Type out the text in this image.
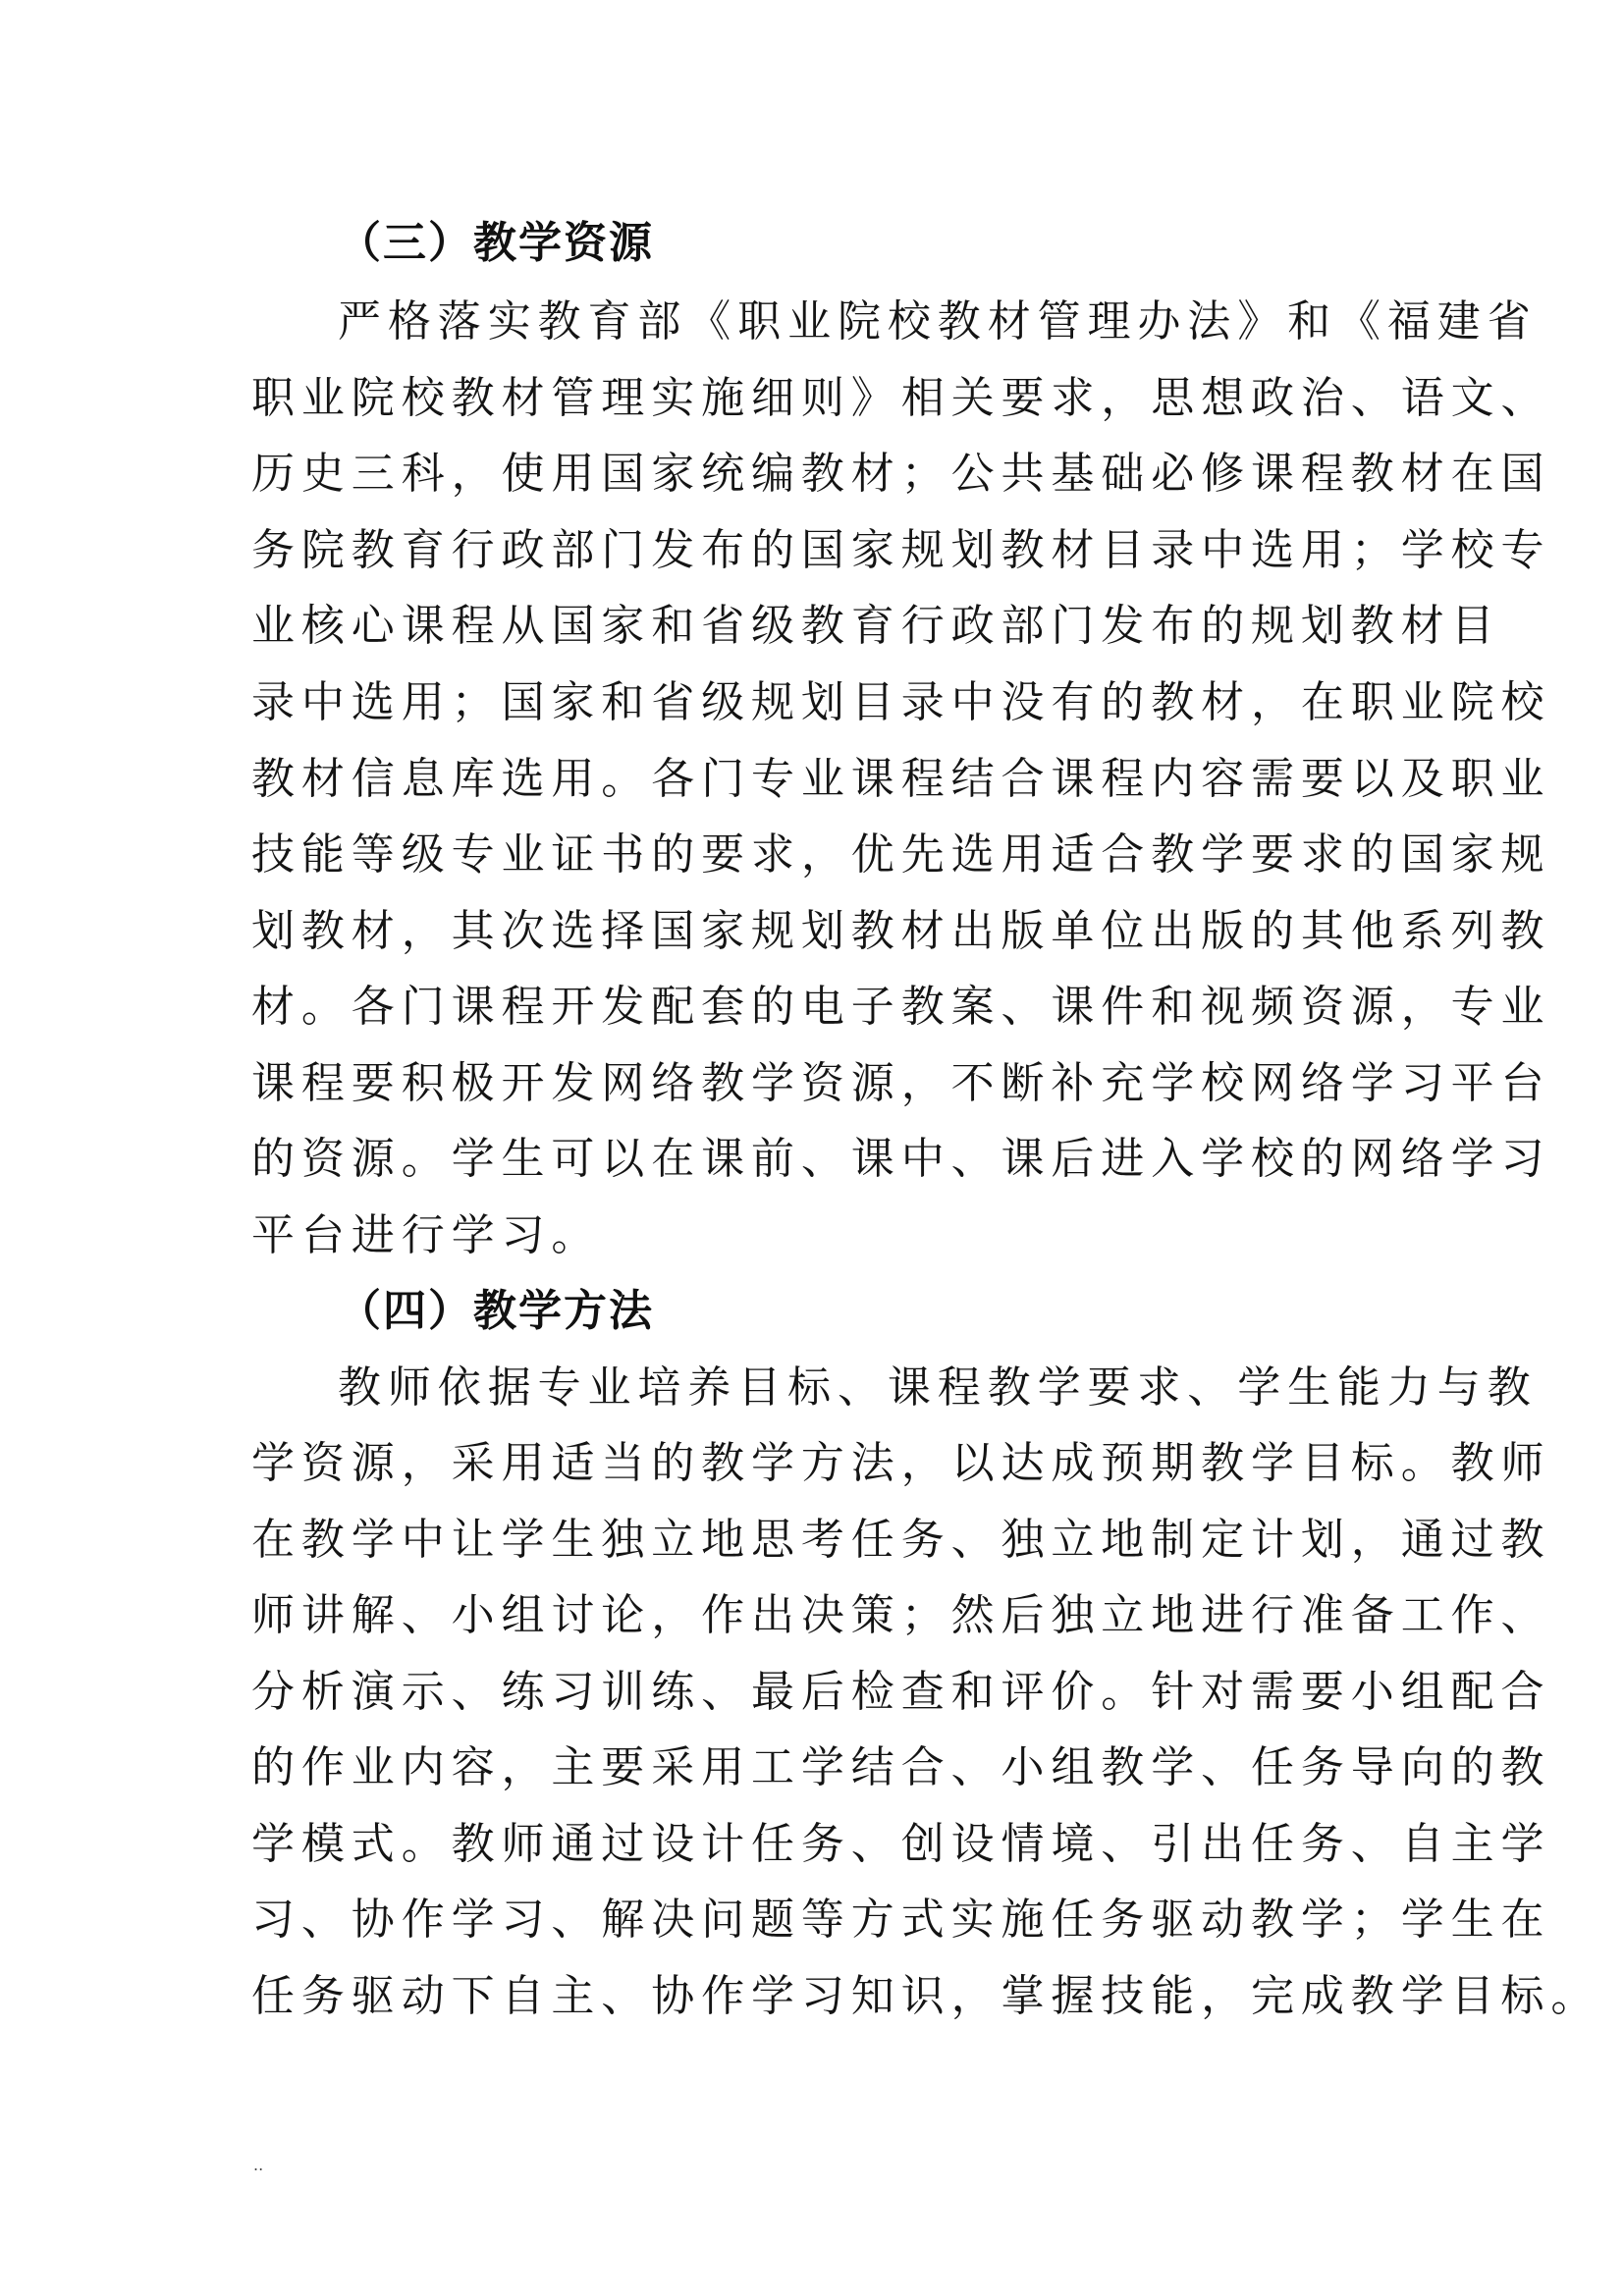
（三）教学资源
严格落实教育部《职业院校教材管理办法》和《福建省
职业院校教材管理实施细则》相关要求，思想政治、语文、
历史三科，使用国家统编教材；公共基础必修课程教材在国
务院教育行政部门发布的国家规划教材目录中选用；学校专
业核心课程从国家和省级教育行政部门发布的规划教材目
录中选用；国家和省级规划目录中没有的教材，在职业院校
教材信息库选用。各门专业课程结合课程内容需要以及职业
技能等级专业证书的要求，优先选用适合教学要求的国家规
划教材，其次选择国家规划教材出版单位出版的其他系列教
材。各门课程开发配套的电子教案、课件和视频资源，专业
课程要积极开发网络教学资源，不断补充学校网络学习平台
的资源。学生可以在课前、课中、课后进入学校的网络学习
平台进行学习。
（四）教学方法
教师依据专业培养目标、课程教学要求、学生能力与教
学资源，采用适当的教学方法，以达成预期教学目标。教师
在教学中让学生独立地思考任务、独立地制定计划，通过教
师讲解、小组讨论，作出决策；然后独立地进行准备工作、
分析演示、练习训练、最后检查和评价。针对需要小组配合
的作业内容，主要采用工学结合、小组教学、任务导向的教
学模式。教师通过设计任务、创设情境、引出任务、自主学
习、协作学习、解决问题等方式实施任务驱动教学；学生在
任务驱动下自主、协作学习知识，掌握技能，完成教学目标。
..
